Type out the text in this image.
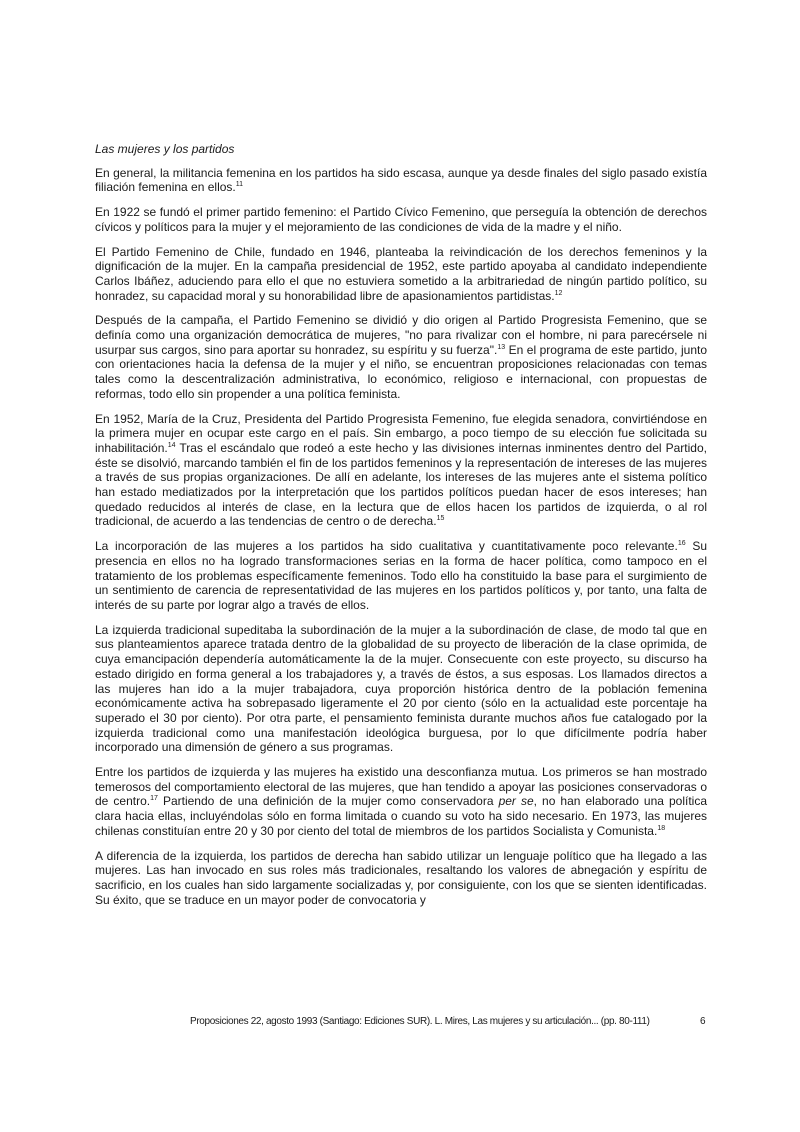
Las mujeres y los partidos

En general, la militancia femenina en los partidos ha sido escasa, aunque ya desde finales del siglo pasado existía filiación femenina en ellos.$^{11}$

En 1922 se fundó el primer partido femenino: el Partido Cívico Femenino, que perseguía la obtención de derechos cívicos y políticos para la mujer y el mejoramiento de las condiciones de vida de la madre y el niño.

El Partido Femenino de Chile, fundado en 1946, planteaba la reivindicación de los derechos femeninos y la dignificación de la mujer. En la campaña presidencial de 1952, este partido apoyaba al candidato independiente Carlos Ibáñez, aduciendo para ello el que no estuviera sometido a la arbitrariedad de ningún partido político, su honradez, su capacidad moral y su honorabilidad libre de apasionamientos partidistas.$^{12}$

Después de la campaña, el Partido Femenino se dividió y dio origen al Partido Progresista Femenino, que se definía como una organización democrática de mujeres, "no para rivalizar con el hombre, ni para parecérsele ni usurpar sus cargos, sino para aportar su honradez, su espíritu y su fuerza".$^{13}$ En el programa de este partido, junto con orientaciones hacia la defensa de la mujer y el niño, se encuentran proposiciones relacionadas con temas tales como la descentralización administrativa, lo económico, religioso e internacional, con propuestas de reformas, todo ello sin propender a una política feminista.

En 1952, María de la Cruz, Presidenta del Partido Progresista Femenino, fue elegida senadora, convirtiéndose en la primera mujer en ocupar este cargo en el país. Sin embargo, a poco tiempo de su elección fue solicitada su inhabilitación.$^{14}$ Tras el escándalo que rodeó a este hecho y las divisiones internas inminentes dentro del Partido, éste se disolvió, marcando también el fin de los partidos femeninos y la representación de intereses de las mujeres a través de sus propias organizaciones. De allí en adelante, los intereses de las mujeres ante el sistema político han estado mediatizados por la interpretación que los partidos políticos puedan hacer de esos intereses; han quedado reducidos al interés de clase, en la lectura que de ellos hacen los partidos de izquierda, o al rol tradicional, de acuerdo a las tendencias de centro o de derecha.$^{15}$

La incorporación de las mujeres a los partidos ha sido cualitativa y cuantitativamente poco relevante.$^{16}$ Su presencia en ellos no ha logrado transformaciones serias en la forma de hacer política, como tampoco en el tratamiento de los problemas específicamente femeninos. Todo ello ha constituido la base para el surgimiento de un sentimiento de carencia de representatividad de las mujeres en los partidos políticos y, por tanto, una falta de interés de su parte por lograr algo a través de ellos.

La izquierda tradicional supeditaba la subordinación de la mujer a la subordinación de clase, de modo tal que en sus planteamientos aparece tratada dentro de la globalidad de su proyecto de liberación de la clase oprimida, de cuya emancipación dependería automáticamente la de la mujer. Consecuente con este proyecto, su discurso ha estado dirigido en forma general a los trabajadores y, a través de éstos, a sus esposas. Los llamados directos a las mujeres han ido a la mujer trabajadora, cuya proporción histórica dentro de la población femenina económicamente activa ha sobrepasado ligeramente el 20 por ciento (sólo en la actualidad este porcentaje ha superado el 30 por ciento). Por otra parte, el pensamiento feminista durante muchos años fue catalogado por la izquierda tradicional como una manifestación ideológica burguesa, por lo que difícilmente podría haber incorporado una dimensión de género a sus programas.

Entre los partidos de izquierda y las mujeres ha existido una desconfianza mutua. Los primeros se han mostrado temerosos del comportamiento electoral de las mujeres, que han tendido a apoyar las posiciones conservadoras o de centro.$^{17}$ Partiendo de una definición de la mujer como conservadora per se, no han elaborado una política clara hacia ellas, incluyéndolas sólo en forma limitada o cuando su voto ha sido necesario. En 1973, las mujeres chilenas constituían entre 20 y 30 por ciento del total de miembros de los partidos Socialista y Comunista.$^{18}$

A diferencia de la izquierda, los partidos de derecha han sabido utilizar un lenguaje político que ha llegado a las mujeres. Las han invocado en sus roles más tradicionales, resaltando los valores de abnegación y espíritu de sacrificio, en los cuales han sido largamente socializadas y, por consiguiente, con los que se sienten identificadas. Su éxito, que se traduce en un mayor poder de convocatoria y

Proposiciones 22, agosto 1993 (Santiago: Ediciones SUR). L. Mires, Las mujeres y su articulación... (pp. 80-111)	6
